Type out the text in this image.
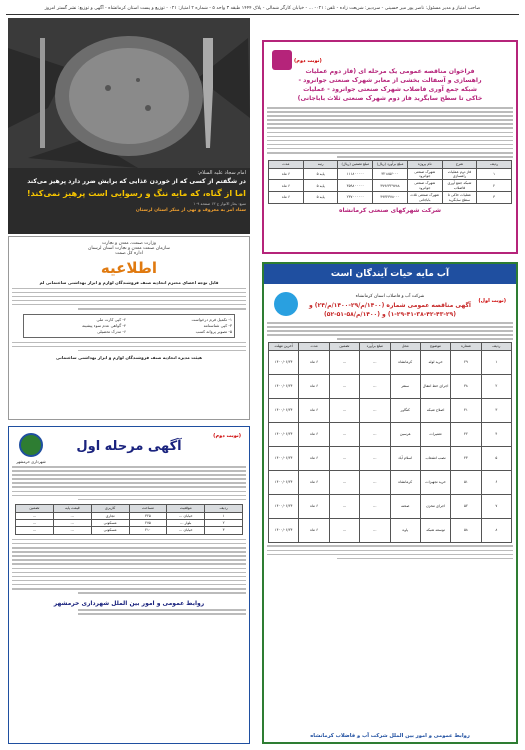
صاحب امتیاز و مدیر مسئول: ناصر پور میر حسینی - سردبیر: شریعت زاده - تلفن: ۰۲۱- ... - خیابان کارگر شمالی - پلاک ۱۴۴۴ طبقه ۳ واحد ۵ - شماره ۲ امتیاز: ۰۲۱ - توزیع و پست استان کرمانشاه - آگهی و توزیع: نشر گستر امروز
امام سجاد علیه السلام:
در شگفتم از کسی که از خوردن غذایی که برایش ضرر دارد پرهیز می‌کند
اما از گناه، که مایه ننگ و رسوایی است پرهیز نمی‌کند!
منبع: بحار الانوار ج ۱۳ صفحه ۱۰۹
ستاد امر به معروف و نهی از منکر استان لرستان
وزارت صنعت، معدن و تجارت
سازمان صنعت معدن و تجارت استان لرستان
اداره کل صمت
اطلاعیه
قابل توجه اعضای محترم اتحادیه صنف فروشندگان لوازم و ابزار بهداشتی ساختمانی لم
۱- تکمیل فرم درخواست
۲- کپی کارت ملی
۳- کپی شناسنامه
۴- گواهی عدم سوء پیشینه
۵- تصویر پروانه کسب
۶- مدرک تحصیلی
هیئت مدیره اتحادیه صنف فروشندگان لوازم و ابزار بهداشتی ساختمانی
(نوبت دوم)
شهرداری خرمشهر
آگهی مرحله اول
ردیف	موقعیت	مساحت	کاربری	قیمت پایه	تضمین
۱	خیابان ...	۳۲۵	تجاری	...	...
۲	بلوار ...	۲۷۵	مسکونی	...	...
۳	خیابان ...	۲۱۰	مسکونی	...	...
روابط عمومی و امور بین الملل شهرداری خرمشهر
(نوبت دوم)
فراخوان مناقصه عمومی یک مرحله ای (فاز دوم عملیات
راهسازی و آسفالت بخشی از معابر شهرک صنعتی جوانرود -
شبکه جمع آوری فاضلاب شهرک صنعتی جوانرود - عملیات
خاکی تا سطح سابگرید فاز دوم شهرک صنعتی ثلاث باباجانی)
ردیف	شرح	نام پروژه	مبلغ برآورد (ریال)	مبلغ تضمین (ریال)	رتبه	مدت
۱	فاز دوم عملیات راهسازی	شهرک صنعتی جوانرود	۳۲۱۸۵۶۰۰۰	۱۱۱۸۰۰۰۰۰	پایه ۵	۶ ماه
۲	شبکه جمع آوری فاضلاب	شهرک صنعتی جوانرود	۳۷۹۶۳۲۹۷۸۸	۳۵۹۸۰۰۰۰۰	پایه ۵	۶ ماه
۳	عملیات خاکی تا سطح سابگرید	شهرک صنعتی ثلاث باباجانی	۴۹۳۲۳۷۸۰۰۰	۲۳۷۰۰۰۰۰۰	پایه ۵	۶ ماه
شرکت شهرکهای صنعتی کرمانشاه
آب مایه حیات آیندگان است
(نوبت اول)
شرکت آب و فاضلاب استان کرمانشاه
آگهی مناقصه عمومی شماره (۱۴۰۰/م/۲۹-۱۴۰۰/م/۲۴) و
(۱-۲۹-۴۱-۳۸-۴۲-۴۳-۲۹) و (۱۴۰۰/م/۵۸-۵۱-۵۲)
ردیف	شماره	موضوع	محل	مبلغ برآورد	تضمین	مدت	آخرین مهلت
۱	۲۹	خرید لوله	کرمانشاه	...	...	۶ ماه	۱۴۰۰/۰۶/۲۴
۲	۳۸	اجرای خط انتقال	سنقر	...	...	۶ ماه	۱۴۰۰/۰۶/۲۴
۳	۴۱	اصلاح شبکه	کنگاور	...	...	۶ ماه	۱۴۰۰/۰۶/۲۴
۴	۴۲	تعمیرات	هرسین	...	...	۶ ماه	۱۴۰۰/۰۶/۲۴
۵	۴۳	نصب انشعاب	اسلام آباد	...	...	۶ ماه	۱۴۰۰/۰۶/۲۴
۶	۵۱	خرید تجهیزات	کرمانشاه	...	...	۶ ماه	۱۴۰۰/۰۶/۲۴
۷	۵۲	اجرای مخزن	صحنه	...	...	۶ ماه	۱۴۰۰/۰۶/۲۴
۸	۵۸	توسعه شبکه	پاوه	...	...	۶ ماه	۱۴۰۰/۰۶/۲۴
روابط عمومی و امور بین الملل شرکت آب و فاضلاب کرمانشاه
